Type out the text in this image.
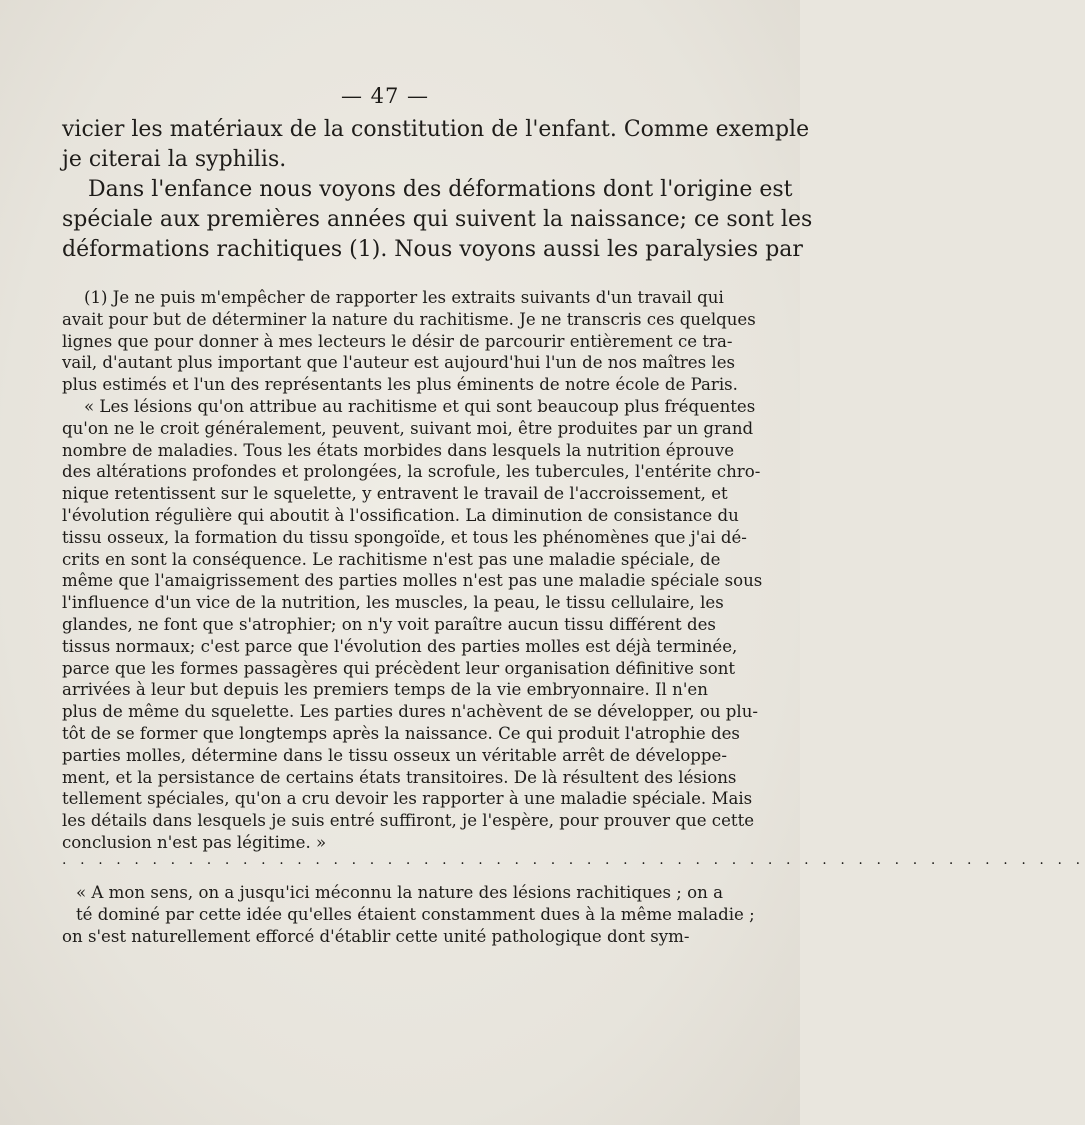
— 47 —
vicier les matériaux de la constitution de l'enfant. Comme exemple
je citerai la syphilis.
Dans l'enfance nous voyons des déformations dont l'origine est
spéciale aux premières années qui suivent la naissance; ce sont les
déformations rachitiques (1). Nous voyons aussi les paralysies par
(1) Je ne puis m'empêcher de rapporter les extraits suivants d'un travail qui
avait pour but de déterminer la nature du rachitisme. Je ne transcris ces quelques
lignes que pour donner à mes lecteurs le désir de parcourir entièrement ce tra-
vail, d'autant plus important que l'auteur est aujourd'hui l'un de nos maîtres les
plus estimés et l'un des représentants les plus éminents de notre école de Paris.
« Les lésions qu'on attribue au rachitisme et qui sont beaucoup plus fréquentes
qu'on ne le croit généralement, peuvent, suivant moi, être produites par un grand
nombre de maladies. Tous les états morbides dans lesquels la nutrition éprouve
des altérations profondes et prolongées, la scrofule, les tubercules, l'entérite chro-
nique retentissent sur le squelette, y entravent le travail de l'accroissement, et
l'évolution régulière qui aboutit à l'ossification. La diminution de consistance du
tissu osseux, la formation du tissu spongoïde, et tous les phénomènes que j'ai dé-
crits en sont la conséquence. Le rachitisme n'est pas une maladie spéciale, de
même que l'amaigrissement des parties molles n'est pas une maladie spéciale sous
l'influence d'un vice de la nutrition, les muscles, la peau, le tissu cellulaire, les
glandes, ne font que s'atrophier; on n'y voit paraître aucun tissu différent des
tissus normaux; c'est parce que l'évolution des parties molles est déjà terminée,
parce que les formes passagères qui précèdent leur organisation définitive sont
arrivées à leur but depuis les premiers temps de la vie embryonnaire. Il n'en
plus de même du squelette. Les parties dures n'achèvent de se développer, ou plu-
tôt de se former que longtemps après la naissance. Ce qui produit l'atrophie des
parties molles, détermine dans le tissu osseux un véritable arrêt de développe-
ment, et la persistance de certains états transitoires. De là résultent des lésions
tellement spéciales, qu'on a cru devoir les rapporter à une maladie spéciale. Mais
les détails dans lesquels je suis entré suffiront, je l'espère, pour prouver que cette
conclusion n'est pas légitime. »
. . . . . . . . . . . . . . . . . . . . . . . . . . . . . . . . . . . . . . . . . . . . . . . . . . . . . . . . .
« A mon sens, on a jusqu'ici méconnu la nature des lésions rachitiques ; on a
té dominé par cette idée qu'elles étaient constamment dues à la même maladie ;
on s'est naturellement efforcé d'établir cette unité pathologique dont sym-
